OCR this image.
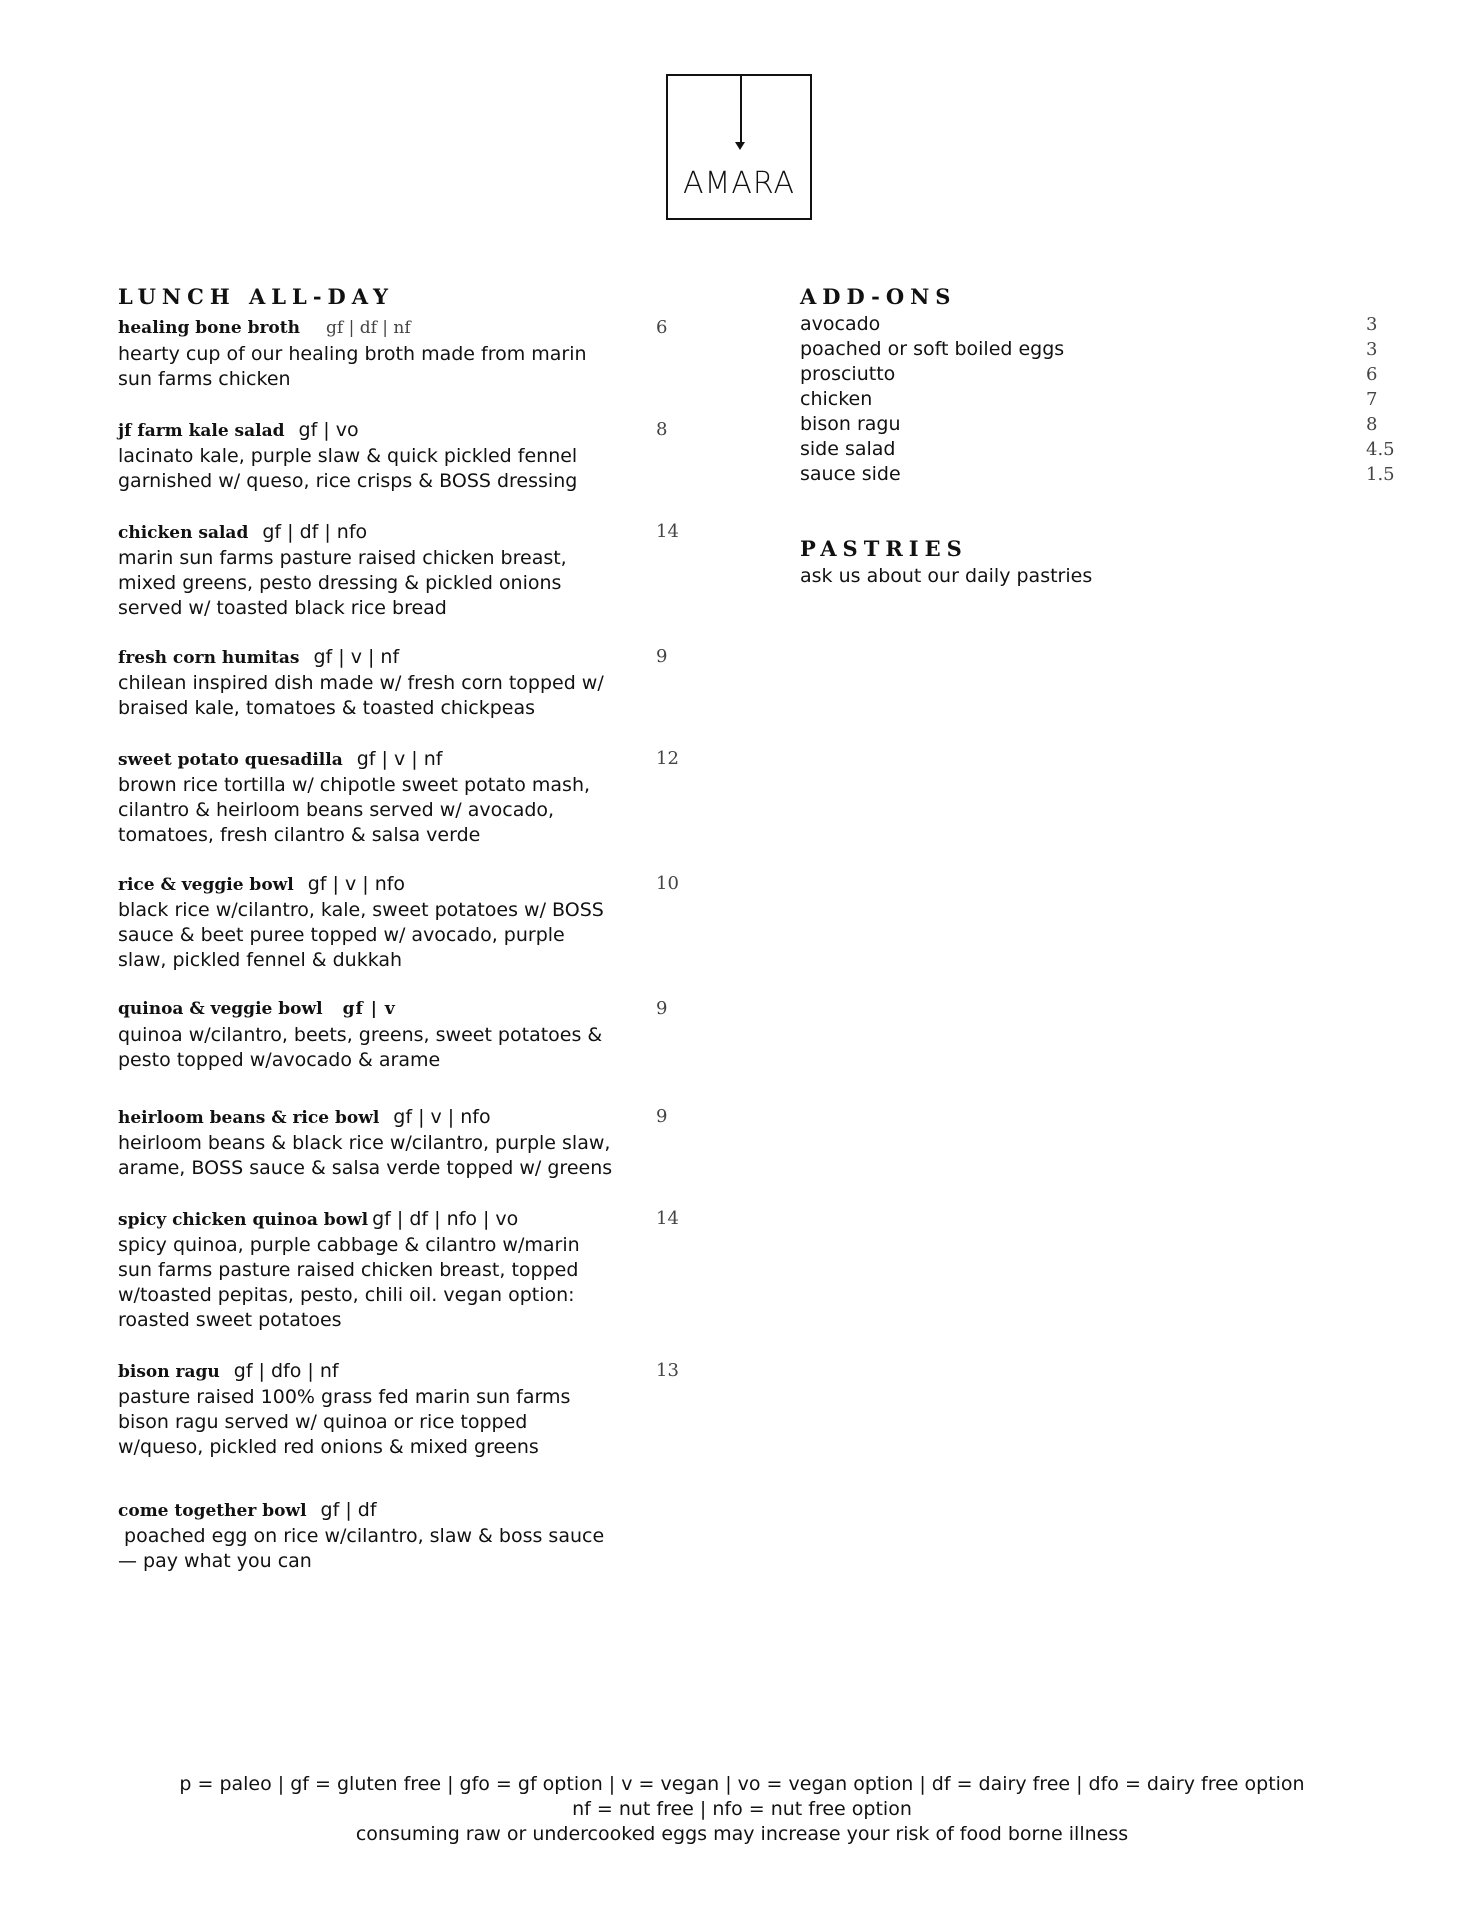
AMARA
LUNCH ALL-DAY
healing bone broth gf | df | nf	6
hearty cup of our healing broth made from marin
sun farms chicken
jf farm kale salad gf | vo	8
lacinato kale, purple slaw & quick pickled fennel
garnished w/ queso, rice crisps & BOSS dressing
chicken salad gf | df | nfo	14
marin sun farms pasture raised chicken breast,
mixed greens, pesto dressing & pickled onions
served w/ toasted black rice bread
fresh corn humitas gf | v | nf	9
chilean inspired dish made w/ fresh corn topped w/
braised kale, tomatoes & toasted chickpeas
sweet potato quesadilla gf | v | nf	12
brown rice tortilla w/ chipotle sweet potato mash,
cilantro & heirloom beans served w/ avocado,
tomatoes, fresh cilantro & salsa verde
rice & veggie bowl gf | v | nfo	10
black rice w/cilantro, kale, sweet potatoes w/ BOSS
sauce & beet puree topped w/ avocado, purple
slaw, pickled fennel & dukkah
quinoa & veggie bowl gf | v	9
quinoa w/cilantro, beets, greens, sweet potatoes &
pesto topped w/avocado & arame
heirloom beans & rice bowl gf | v | nfo	9
heirloom beans & black rice w/cilantro, purple slaw,
arame, BOSS sauce & salsa verde topped w/ greens
spicy chicken quinoa bowl gf | df | nfo | vo	14
spicy quinoa, purple cabbage & cilantro w/marin
sun farms pasture raised chicken breast, topped
w/toasted pepitas, pesto, chili oil. vegan option:
roasted sweet potatoes
bison ragu gf | dfo | nf	13
pasture raised 100% grass fed marin sun farms
bison ragu served w/ quinoa or rice topped
w/queso, pickled red onions & mixed greens
come together bowl gf | df
poached egg on rice w/cilantro, slaw & boss sauce
— pay what you can
ADD-ONS
avocado	3
poached or soft boiled eggs	3
prosciutto	6
chicken	7
bison ragu	8
side salad	4.5
sauce side	1.5
PASTRIES
ask us about our daily pastries
p = paleo | gf = gluten free | gfo = gf option | v = vegan | vo = vegan option | df = dairy free | dfo = dairy free option
nf = nut free | nfo = nut free option
consuming raw or undercooked eggs may increase your risk of food borne illness
